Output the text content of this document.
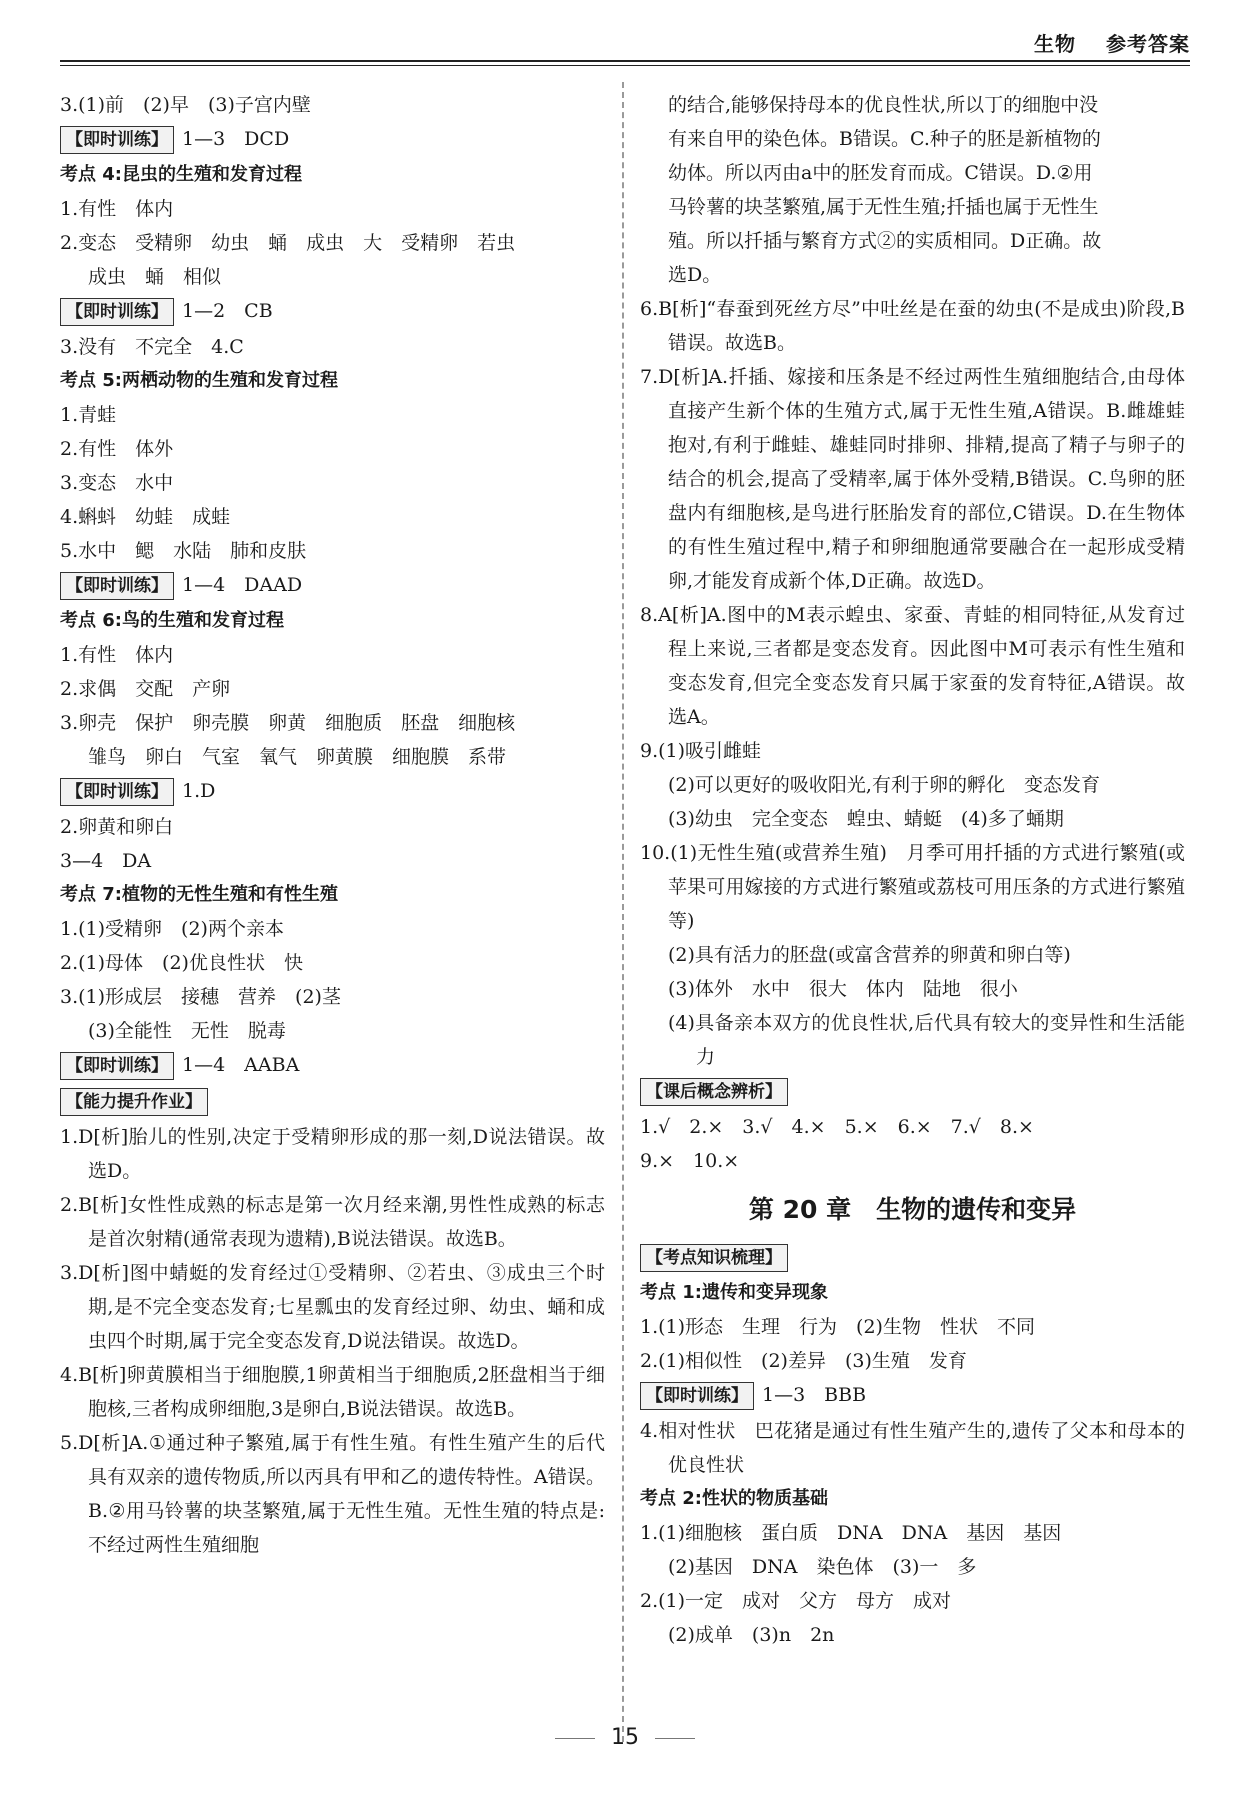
生物 参考答案
3.(1)前　(2)早　(3)子宫内壁
【即时训练】 1—3　DCD
考点 4:昆虫的生殖和发育过程
1.有性　体内
2.变态　受精卵　幼虫　蛹　成虫　大　受精卵　若虫
成虫　蛹　相似
【即时训练】 1—2　CB
3.没有　不完全　4.C
考点 5:两栖动物的生殖和发育过程
1.青蛙
2.有性　体外
3.变态　水中
4.蝌蚪　幼蛙　成蛙
5.水中　鳃　水陆　肺和皮肤
【即时训练】 1—4　DAAD
考点 6:鸟的生殖和发育过程
1.有性　体内
2.求偶　交配　产卵
3.卵壳　保护　卵壳膜　卵黄　细胞质　胚盘　细胞核
雏鸟　卵白　气室　氧气　卵黄膜　细胞膜　系带
【即时训练】 1.D
2.卵黄和卵白
3—4　DA
考点 7:植物的无性生殖和有性生殖
1.(1)受精卵　(2)两个亲本
2.(1)母体　(2)优良性状　快
3.(1)形成层　接穗　营养　(2)茎
(3)全能性　无性　脱毒
【即时训练】 1—4　AABA
【能力提升作业】
1.D[析]胎儿的性别,决定于受精卵形成的那一刻,D说法错误。故选D。
2.B[析]女性性成熟的标志是第一次月经来潮,男性性成熟的标志是首次射精(通常表现为遗精),B说法错误。故选B。
3.D[析]图中蜻蜓的发育经过①受精卵、②若虫、③成虫三个时期,是不完全变态发育;七星瓢虫的发育经过卵、幼虫、蛹和成虫四个时期,属于完全变态发育,D说法错误。故选D。
4.B[析]卵黄膜相当于细胞膜,1卵黄相当于细胞质,2胚盘相当于细胞核,三者构成卵细胞,3是卵白,B说法错误。故选B。
5.D[析]A.①通过种子繁殖,属于有性生殖。有性生殖产生的后代具有双亲的遗传物质,所以丙具有甲和乙的遗传特性。A错误。B.②用马铃薯的块茎繁殖,属于无性生殖。无性生殖的特点是:不经过两性生殖细胞
的结合,能够保持母本的优良性状,所以丁的细胞中没
有来自甲的染色体。B错误。C.种子的胚是新植物的
幼体。所以丙由a中的胚发育而成。C错误。D.②用
马铃薯的块茎繁殖,属于无性生殖;扦插也属于无性生
殖。所以扦插与繁育方式②的实质相同。D正确。故
选D。
6.B[析]“春蚕到死丝方尽”中吐丝是在蚕的幼虫(不是成虫)阶段,B错误。故选B。
7.D[析]A.扦插、嫁接和压条是不经过两性生殖细胞结合,由母体直接产生新个体的生殖方式,属于无性生殖,A错误。B.雌雄蛙抱对,有利于雌蛙、雄蛙同时排卵、排精,提高了精子与卵子的结合的机会,提高了受精率,属于体外受精,B错误。C.鸟卵的胚盘内有细胞核,是鸟进行胚胎发育的部位,C错误。D.在生物体的有性生殖过程中,精子和卵细胞通常要融合在一起形成受精卵,才能发育成新个体,D正确。故选D。
8.A[析]A.图中的M表示蝗虫、家蚕、青蛙的相同特征,从发育过程上来说,三者都是变态发育。因此图中M可表示有性生殖和变态发育,但完全变态发育只属于家蚕的发育特征,A错误。故选A。
9.(1)吸引雌蛙
(2)可以更好的吸收阳光,有利于卵的孵化　变态发育
(3)幼虫　完全变态　蝗虫、蜻蜓　(4)多了蛹期
10.(1)无性生殖(或营养生殖)　月季可用扦插的方式进行繁殖(或苹果可用嫁接的方式进行繁殖或荔枝可用压条的方式进行繁殖等)
(2)具有活力的胚盘(或富含营养的卵黄和卵白等)
(3)体外　水中　很大　体内　陆地　很小
(4)具备亲本双方的优良性状,后代具有较大的变异性和生活能力
【课后概念辨析】
1.√　2.×　3.√　4.×　5.×　6.×　7.√　8.×
9.×　10.×
第 20 章　生物的遗传和变异
【考点知识梳理】
考点 1:遗传和变异现象
1.(1)形态　生理　行为　(2)生物　性状　不同
2.(1)相似性　(2)差异　(3)生殖　发育
【即时训练】 1—3　BBB
4.相对性状　巴花猪是通过有性生殖产生的,遗传了父本和母本的优良性状
考点 2:性状的物质基础
1.(1)细胞核　蛋白质　DNA　DNA　基因　基因
(2)基因　DNA　染色体　(3)一　多
2.(1)一定　成对　父方　母方　成对
(2)成单　(3)n　2n
15
